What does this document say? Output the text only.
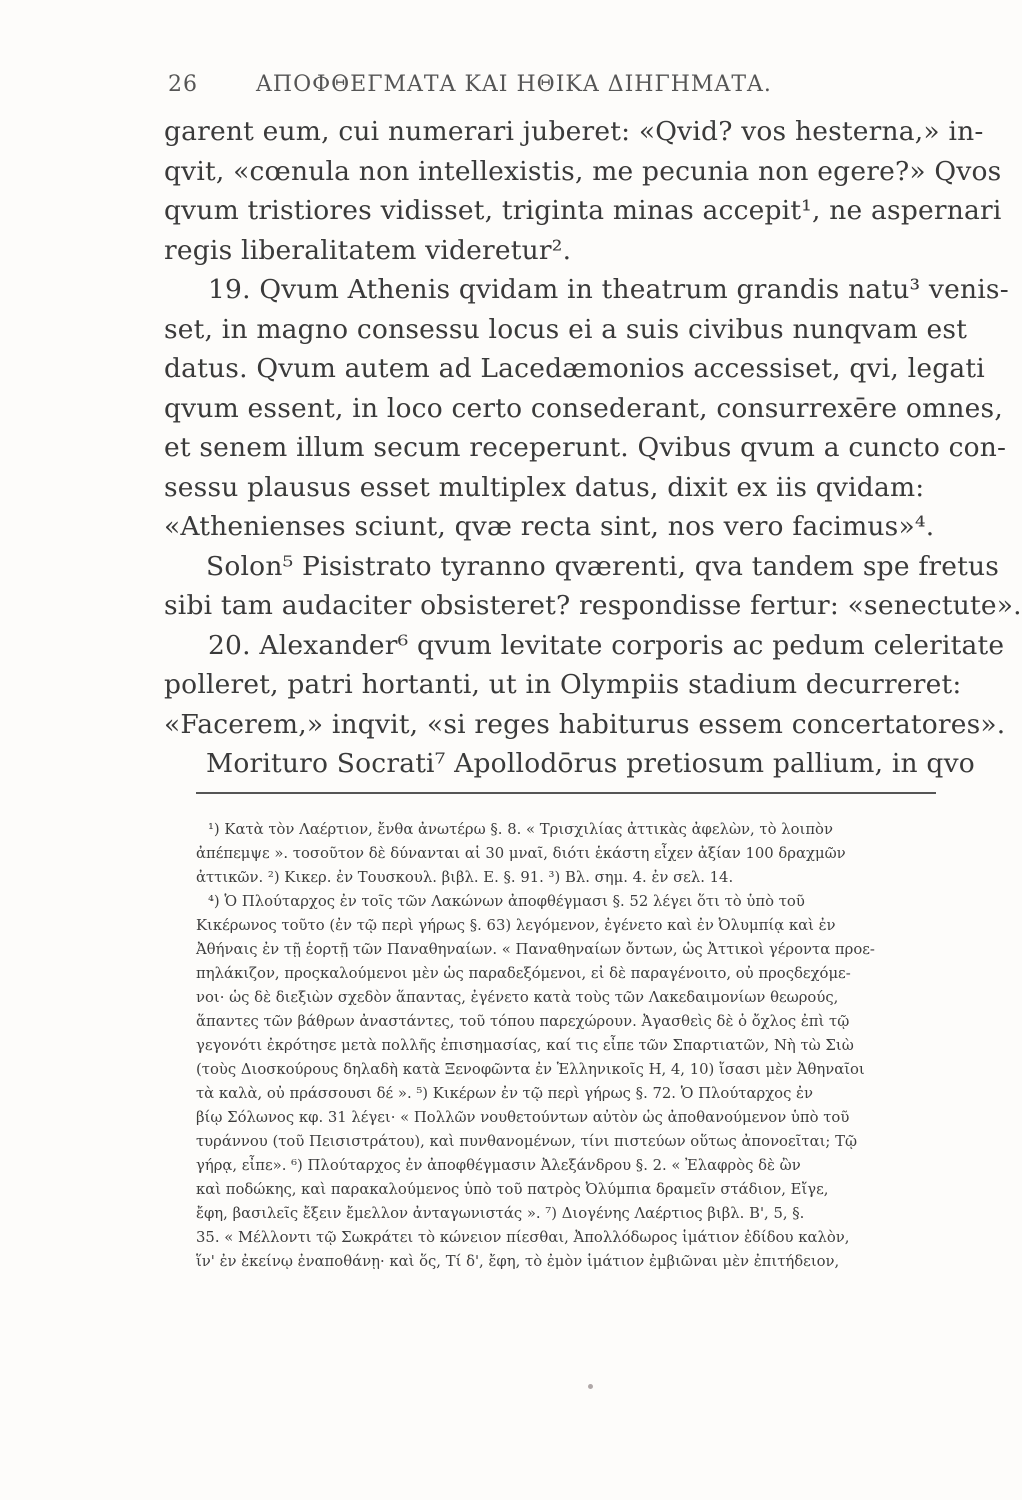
26	ΑΠΟΦΘΕΓΜΑΤΑ ΚΑΙ ΗΘΙΚΑ ΔΙΗΓΗΜΑΤΑ.
garent eum, cui numerari juberet: «Qvid? vos hesterna,» in-
qvit, «cœnula non intellexistis, me pecunia non egere?» Qvos
qvum tristiores vidisset, triginta minas accepit¹, ne aspernari
regis liberalitatem videretur².
19. Qvum Athenis qvidam in theatrum grandis natu³ venis-
set, in magno consessu locus ei a suis civibus nunqvam est
datus. Qvum autem ad Lacedæmonios accessiset, qvi, legati
qvum essent, in loco certo consederant, consurrexēre omnes,
et senem illum secum receperunt. Qvibus qvum a cuncto con-
sessu plausus esset multiplex datus, dixit ex iis qvidam:
«Athenienses sciunt, qvæ recta sint, nos vero facimus»⁴.
Solon⁵ Pisistrato tyranno qværenti, qva tandem spe fretus
sibi tam audaciter obsisteret? respondisse fertur: «senectute».
20. Alexander⁶ qvum levitate corporis ac pedum celeritate
polleret, patri hortanti, ut in Olympiis stadium decurreret:
«Facerem,» inqvit, «si reges habiturus essem concertatores».
Morituro Socrati⁷ Apollodōrus pretiosum pallium, in qvo
¹) Κατὰ τὸν Λαέρτιον, ἔνθα ἀνωτέρω §. 8. « Τρισχιλίας ἀττικὰς ἀφελὼν, τὸ λοιπὸν
ἀπέπεμψε ». τοσοῦτον δὲ δύνανται αἱ 30 μναῖ, διότι ἑκάστη εἶχεν ἀξίαν 100 δραχμῶν
ἀττικῶν. ²) Κικερ. ἐν Τουσκουλ. βιβλ. E. §. 91. ³) Βλ. σημ. 4. ἐν σελ. 14.
⁴) Ὁ Πλούταρχος ἐν τοῖς τῶν Λακώνων ἀποφθέγμασι §. 52 λέγει ὅτι τὸ ὑπὸ τοῦ
Κικέρωνος τοῦτο (ἐν τῷ περὶ γήρως §. 63) λεγόμενον, ἐγένετο καὶ ἐν Ὀλυμπίᾳ καὶ ἐν
Ἀθήναις ἐν τῇ ἑορτῇ τῶν Παναθηναίων. « Παναθηναίων ὄντων, ὡς Ἀττικοὶ γέροντα προε-
πηλάκιζον, προςκαλούμενοι μὲν ὡς παραδεξόμενοι, εἰ δὲ παραγένοιτο, οὐ προςδεχόμε-
νοι· ὡς δὲ διεξιὼν σχεδὸν ἅπαντας, ἐγένετο κατὰ τοὺς τῶν Λακεδαιμονίων θεωρούς,
ἅπαντες τῶν βάθρων ἀναστάντες, τοῦ τόπου παρεχώρουν. Ἀγασθεὶς δὲ ὁ ὄχλος ἐπὶ τῷ
γεγονότι ἐκρότησε μετὰ πολλῆς ἐπισημασίας, καί τις εἶπε τῶν Σπαρτιατῶν, Νὴ τὼ Σιὼ
(τοὺς Διοσκούρους δηλαδὴ κατὰ Ξενοφῶντα ἐν Ἑλληνικοῖς H, 4, 10) ἴσασι μὲν Ἀθηναῖοι
τὰ καλὰ, οὐ πράσσουσι δέ ». ⁵) Κικέρων ἐν τῷ περὶ γήρως §. 72. Ὁ Πλούταρχος ἐν
βίῳ Σόλωνος κφ. 31 λέγει· « Πολλῶν νουθετούντων αὐτὸν ὡς ἀποθανούμενον ὑπὸ τοῦ
τυράννου (τοῦ Πεισιστράτου), καὶ πυνθανομένων, τίνι πιστεύων οὕτως ἀπονοεῖται; Τῷ
γήρᾳ, εἶπε». ⁶) Πλούταρχος ἐν ἀποφθέγμασιν Ἀλεξάνδρου §. 2. « Ἐλαφρὸς δὲ ὢν
καὶ ποδώκης, καὶ παρακαλούμενος ὑπὸ τοῦ πατρὸς Ὀλύμπια δραμεῖν στάδιον, Εἴγε,
ἔφη, βασιλεῖς ἔξειν ἔμελλον ἀνταγωνιστάς ». ⁷) Διογένης Λαέρτιος βιβλ. B', 5, §.
35. « Μέλλοντι τῷ Σωκράτει τὸ κώνειον πίεσθαι, Ἀπολλόδωρος ἱμάτιον ἐδίδου καλὸν,
ἵν' ἐν ἐκείνῳ ἐναποθάνῃ· καὶ ὅς, Τί δ', ἔφη, τὸ ἐμὸν ἱμάτιον ἐμβιῶναι μὲν ἐπιτήδειον,
